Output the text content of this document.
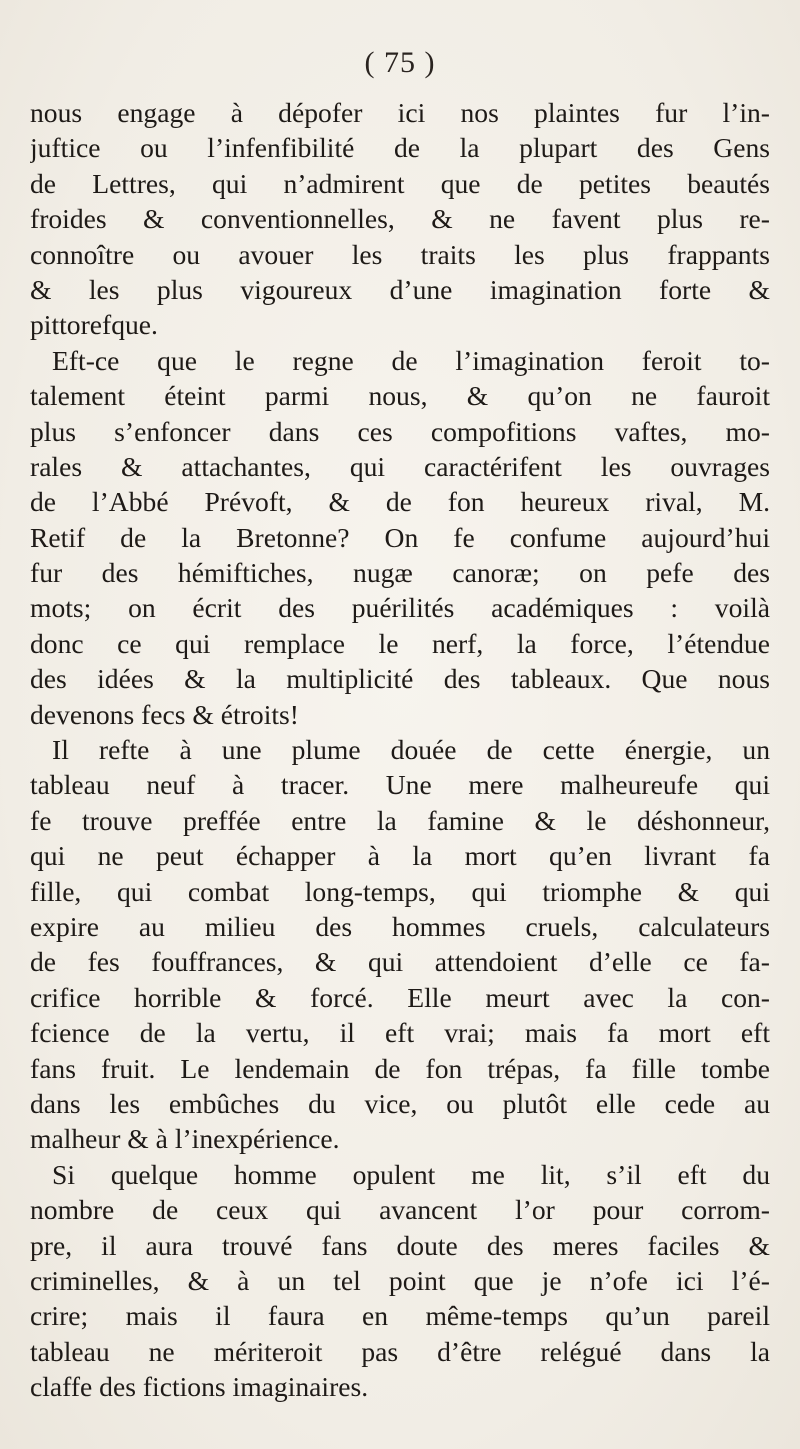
( 75 )
nous engage à dépofer ici nos plaintes fur l’in-
juftice ou l’infenfibilité de la plupart des Gens
de Lettres, qui n’admirent que de petites beautés
froides & conventionnelles, & ne favent plus re-
connoître ou avouer les traits les plus frappants
& les plus vigoureux d’une imagination forte &
pittorefque.
Eft-ce que le regne de l’imagination feroit to-
talement éteint parmi nous, & qu’on ne fauroit
plus s’enfoncer dans ces compofitions vaftes, mo-
rales & attachantes, qui caractérifent les ouvrages
de l’Abbé Prévoft, & de fon heureux rival, M.
Retif de la Bretonne? On fe confume aujourd’hui
fur des hémiftiches, nugæ canoræ; on pefe des
mots; on écrit des puérilités académiques : voilà
donc ce qui remplace le nerf, la force, l’étendue
des idées & la multiplicité des tableaux. Que nous
devenons fecs & étroits!
Il refte à une plume douée de cette énergie, un
tableau neuf à tracer. Une mere malheureufe qui
fe trouve preffée entre la famine & le déshonneur,
qui ne peut échapper à la mort qu’en livrant fa
fille, qui combat long-temps, qui triomphe & qui
expire au milieu des hommes cruels, calculateurs
de fes fouffrances, & qui attendoient d’elle ce fa-
crifice horrible & forcé. Elle meurt avec la con-
fcience de la vertu, il eft vrai; mais fa mort eft
fans fruit. Le lendemain de fon trépas, fa fille tombe
dans les embûches du vice, ou plutôt elle cede au
malheur & à l’inexpérience.
Si quelque homme opulent me lit, s’il eft du
nombre de ceux qui avancent l’or pour corrom-
pre, il aura trouvé fans doute des meres faciles &
criminelles, & à un tel point que je n’ofe ici l’é-
crire; mais il faura en même-temps qu’un pareil
tableau ne mériteroit pas d’être relégué dans la
claffe des fictions imaginaires.
